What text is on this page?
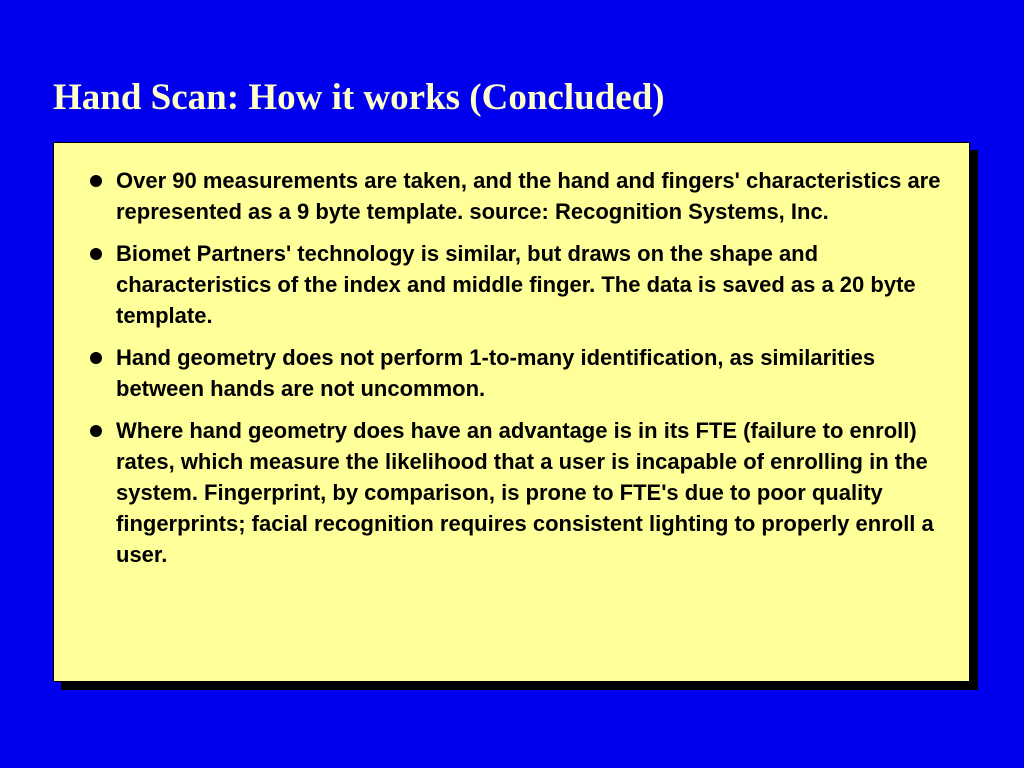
Hand Scan: How it works (Concluded)
Over 90 measurements are taken, and the hand and fingers' characteristics are represented as a 9 byte template. source: Recognition Systems, Inc.
Biomet Partners' technology is similar, but draws on the shape and characteristics of the index and middle finger. The data is saved as a 20 byte template.
Hand geometry does not perform 1-to-many identification, as similarities between hands are not uncommon.
Where hand geometry does have an advantage is in its FTE (failure to enroll) rates, which measure the likelihood that a user is incapable of enrolling in the system. Fingerprint, by comparison, is prone to FTE's due to poor quality fingerprints; facial recognition requires consistent lighting to properly enroll a user.
